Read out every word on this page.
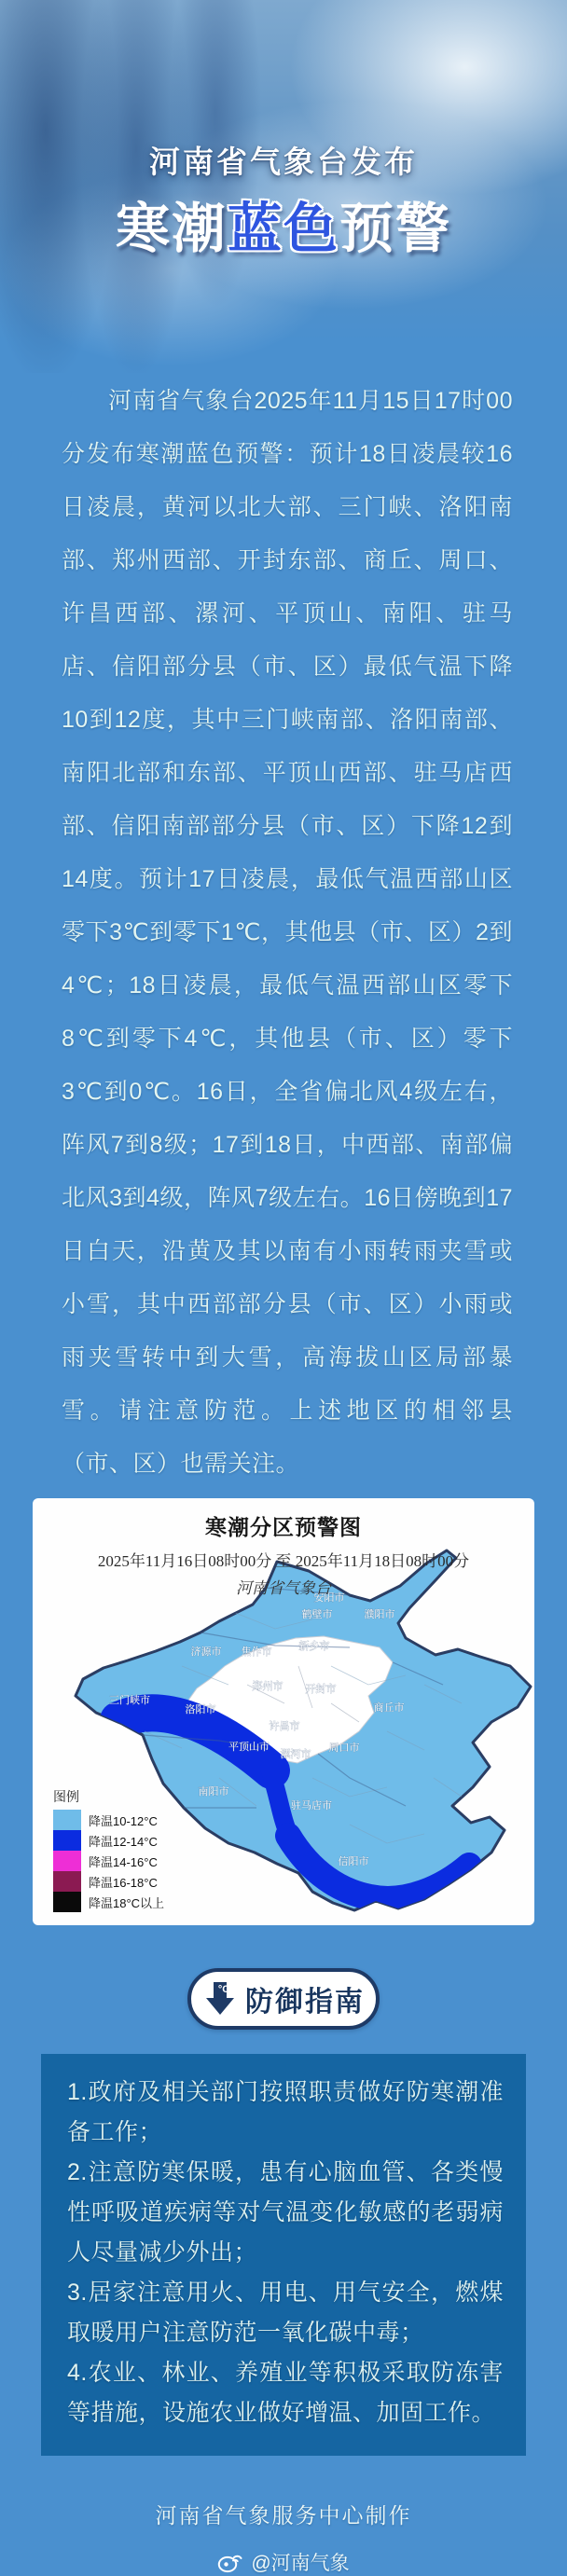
河南省气象台发布
寒潮蓝色预警
河南省气象台2025年11月15日17时00分发布寒潮蓝色预警：预计18日凌晨较16日凌晨，黄河以北大部、三门峡、洛阳南部、郑州西部、开封东部、商丘、周口、许昌西部、漯河、平顶山、南阳、驻马店、信阳部分县（市、区）最低气温下降10到12度，其中三门峡南部、洛阳南部、南阳北部和东部、平顶山西部、驻马店西部、信阳南部部分县（市、区）下降12到14度。预计17日凌晨，最低气温西部山区零下3℃到零下1℃，其他县（市、区）2到4℃；18日凌晨，最低气温西部山区零下8℃到零下4℃，其他县（市、区）零下3℃到0℃。16日，全省偏北风4级左右，阵风7到8级；17到18日，中西部、南部偏北风3到4级，阵风7级左右。16日傍晚到17日白天，沿黄及其以南有小雨转雨夹雪或小雪，其中西部部分县（市、区）小雨或雨夹雪转中到大雪，高海拔山区局部暴雪。请注意防范。上述地区的相邻县（市、区）也需关注。
安阳市
鹤壁市	濮阳市
新乡市
焦作市
济源市
三门峡市
洛阳市
郑州市 开封市
商丘市
许昌市
平顶山市
漯河市
周口市
南阳市
驻马店市
信阳市
寒潮分区预警图
2025年11月16日08时00分 至 2025年11月18日08时00分
河南省气象台
图例
降温10-12°C
降温12-14°C
降温14-16°C
降温16-18°C
降温18°C以上
°C 防御指南

1.政府及相关部门按照职责做好防寒潮准备工作；

2.注意防寒保暖，患有心脑血管、各类慢性呼吸道疾病等对气温变化敏感的老弱病人尽量减少外出；

3.居家注意用火、用电、用气安全，燃煤取暖用户注意防范一氧化碳中毒；

4.农业、林业、养殖业等积极采取防冻害等措施，设施农业做好增温、加固工作。

河南省气象服务中心制作
@河南气象
